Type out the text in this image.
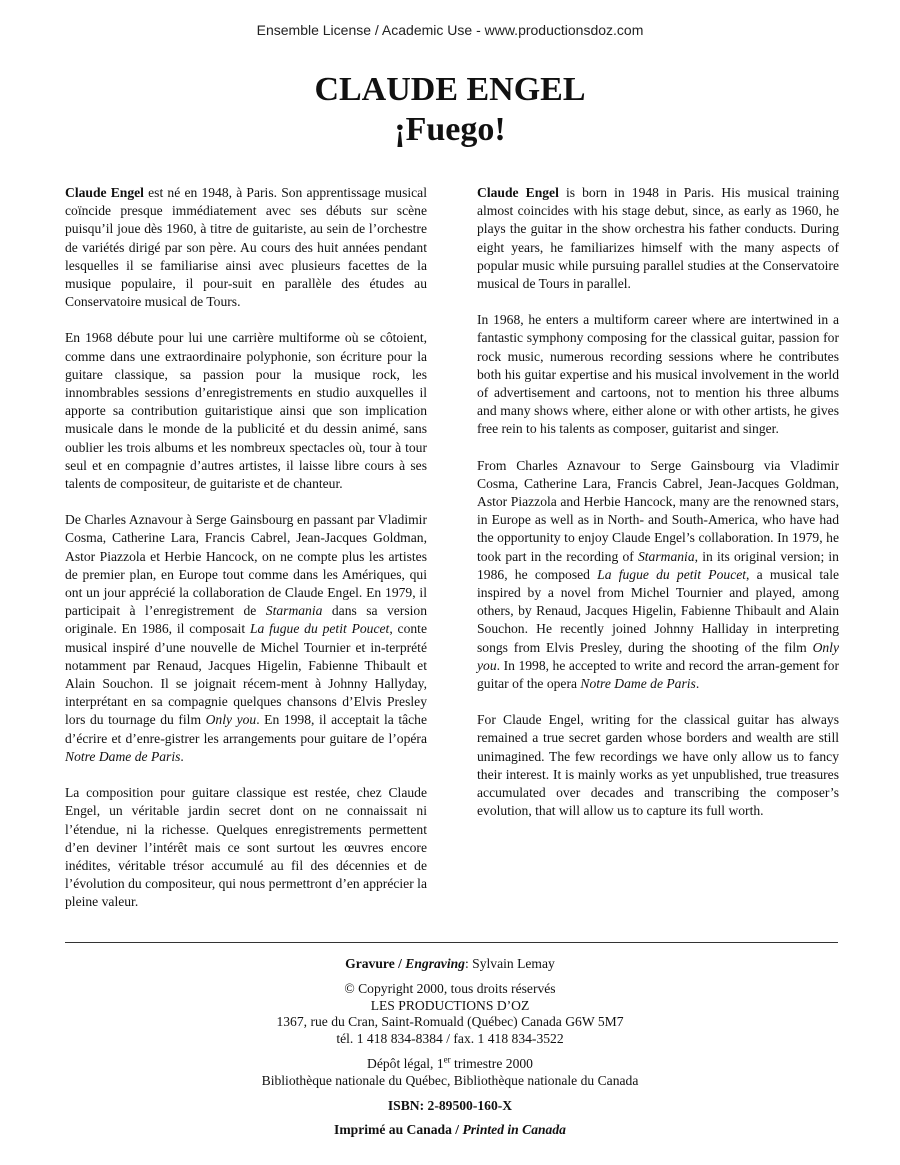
Ensemble License / Academic Use - www.productionsdoz.com
CLAUDE ENGEL
¡Fuego!

Claude Engel est né en 1948, à Paris. Son apprentissage musical coïncide presque immédiatement avec ses débuts sur scène puisqu’il joue dès 1960, à titre de guitariste, au sein de l’orchestre de variétés dirigé par son père. Au cours des huit années pendant lesquelles il se familiarise ainsi avec plusieurs facettes de la musique populaire, il pour-suit en parallèle des études au Conservatoire musical de Tours.

En 1968 débute pour lui une carrière multiforme où se côtoient, comme dans une extraordinaire polyphonie, son écriture pour la guitare classique, sa passion pour la musique rock, les innombrables sessions d’enregistrements en studio auxquelles il apporte sa contribution guitaristique ainsi que son implication musicale dans le monde de la publicité et du dessin animé, sans oublier les trois albums et les nombreux spectacles où, tour à tour seul et en compagnie d’autres artistes, il laisse libre cours à ses talents de compositeur, de guitariste et de chanteur.

De Charles Aznavour à Serge Gainsbourg en passant par Vladimir Cosma, Catherine Lara, Francis Cabrel, Jean-Jacques Goldman, Astor Piazzola et Herbie Hancock, on ne compte plus les artistes de premier plan, en Europe tout comme dans les Amériques, qui ont un jour apprécié la collaboration de Claude Engel. En 1979, il participait à l’enregistrement de Starmania dans sa version originale. En 1986, il composait La fugue du petit Poucet, conte musical inspiré d’une nouvelle de Michel Tournier et in-terprété notamment par Renaud, Jacques Higelin, Fabienne Thibault et Alain Souchon. Il se joignait récem-ment à Johnny Hallyday, interprétant en sa compagnie quelques chansons d’Elvis Presley lors du tournage du film Only you. En 1998, il acceptait la tâche d’écrire et d’enre-gistrer les arrangements pour guitare de l’opéra Notre Dame de Paris.

La composition pour guitare classique est restée, chez Claude Engel, un véritable jardin secret dont on ne connaissait ni l’étendue, ni la richesse. Quelques enregistrements permettent d’en deviner l’intérêt mais ce sont surtout les œuvres encore inédites, véritable trésor accumulé au fil des décennies et de l’évolution du compositeur, qui nous permettront d’en apprécier la pleine valeur.

Claude Engel is born in 1948 in Paris. His musical training almost coincides with his stage debut, since, as early as 1960, he plays the guitar in the show orchestra his father conducts. During eight years, he familiarizes himself with the many aspects of popular music while pursuing parallel studies at the Conservatoire musical de Tours in parallel.

In 1968, he enters a multiform career where are intertwined in a fantastic symphony composing for the classical guitar, passion for rock music, numerous recording sessions where he contributes both his guitar expertise and his musical involvement in the world of advertisement and cartoons, not to mention his three albums and many shows where, either alone or with other artists, he gives free rein to his talents as composer, guitarist and singer.

From Charles Aznavour to Serge Gainsbourg via Vladimir Cosma, Catherine Lara, Francis Cabrel, Jean-Jacques Goldman, Astor Piazzola and Herbie Hancock, many are the renowned stars, in Europe as well as in North- and South-America, who have had the opportunity to enjoy Claude Engel’s collaboration. In 1979, he took part in the recording of Starmania, in its original version; in 1986, he composed La fugue du petit Poucet, a musical tale inspired by a novel from Michel Tournier and played, among others, by Renaud, Jacques Higelin, Fabienne Thibault and Alain Souchon. He recently joined Johnny Halliday in interpreting songs from Elvis Presley, during the shooting of the film Only you. In 1998, he accepted to write and record the arran-gement for guitar of the opera Notre Dame de Paris.

For Claude Engel, writing for the classical guitar has always remained a true secret garden whose borders and wealth are still unimagined. The few recordings we have only allow us to fancy their interest. It is mainly works as yet unpublished, true treasures accumulated over decades and transcribing the composer’s evolution, that will allow us to capture its full worth.

Gravure / Engraving: Sylvain Lemay
© Copyright 2000, tous droits réservés
LES PRODUCTIONS D’OZ
1367, rue du Cran, Saint-Romuald (Québec) Canada G6W 5M7
tél. 1 418 834-8384 / fax. 1 418 834-3522
Dépôt légal, 1er trimestre 2000
Bibliothèque nationale du Québec, Bibliothèque nationale du Canada
ISBN: 2-89500-160-X
Imprimé au Canada / Printed in Canada
